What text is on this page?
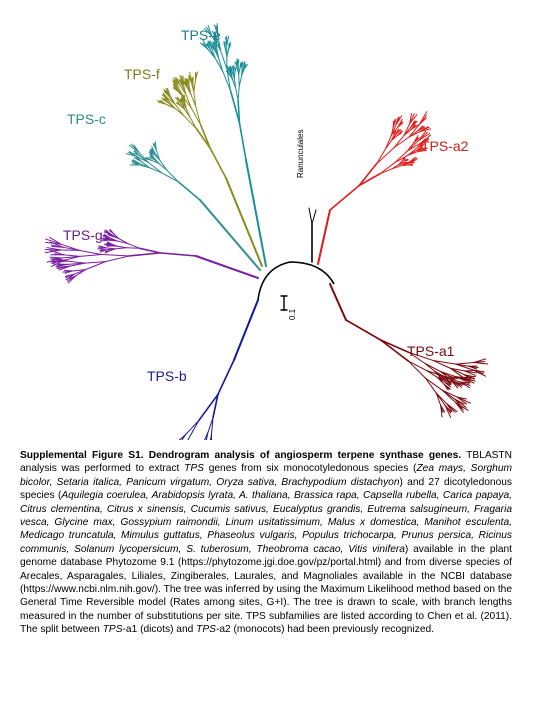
TPS-e
TPS-f
TPS-c
TPS-a2
TPS-g
TPS-a1
TPS-b
Ranunculales
0.1
Supplemental Figure S1. Dendrogram analysis of angiosperm terpene synthase genes. TBLASTN analysis was performed to extract TPS genes from six monocotyledonous species (Zea mays, Sorghum bicolor, Setaria italica, Panicum virgatum, Oryza sativa, Brachypodium distachyon) and 27 dicotyledonous species (Aquilegia coerulea, Arabidopsis lyrata, A. thaliana, Brassica rapa, Capsella rubella, Carica papaya, Citrus clementina, Citrus x sinensis, Cucumis sativus, Eucalyptus grandis, Eutrema salsugineum, Fragaria vesca, Glycine max, Gossypium raimondii, Linum usitatissimum, Malus x domestica, Manihot esculenta, Medicago truncatula, Mimulus guttatus, Phaseolus vulgaris, Populus trichocarpa, Prunus persica, Ricinus communis, Solanum lycopersicum, S. tuberosum, Theobroma cacao, Vitis vinifera) available in the plant genome database Phytozome 9.1 (https://phytozome.jgi.doe.gov/pz/portal.html) and from diverse species of Arecales, Asparagales, Liliales, Zingiberales, Laurales, and Magnoliales available in the NCBI database (https://www.ncbi.nlm.nih.gov/). The tree was inferred by using the Maximum Likelihood method based on the General Time Reversible model (Rates among sites, G+I). The tree is drawn to scale, with branch lengths measured in the number of substitutions per site. TPS subfamilies are listed according to Chen et al. (2011). The split between TPS-a1 (dicots) and TPS-a2 (monocots) had been previously recognized.
